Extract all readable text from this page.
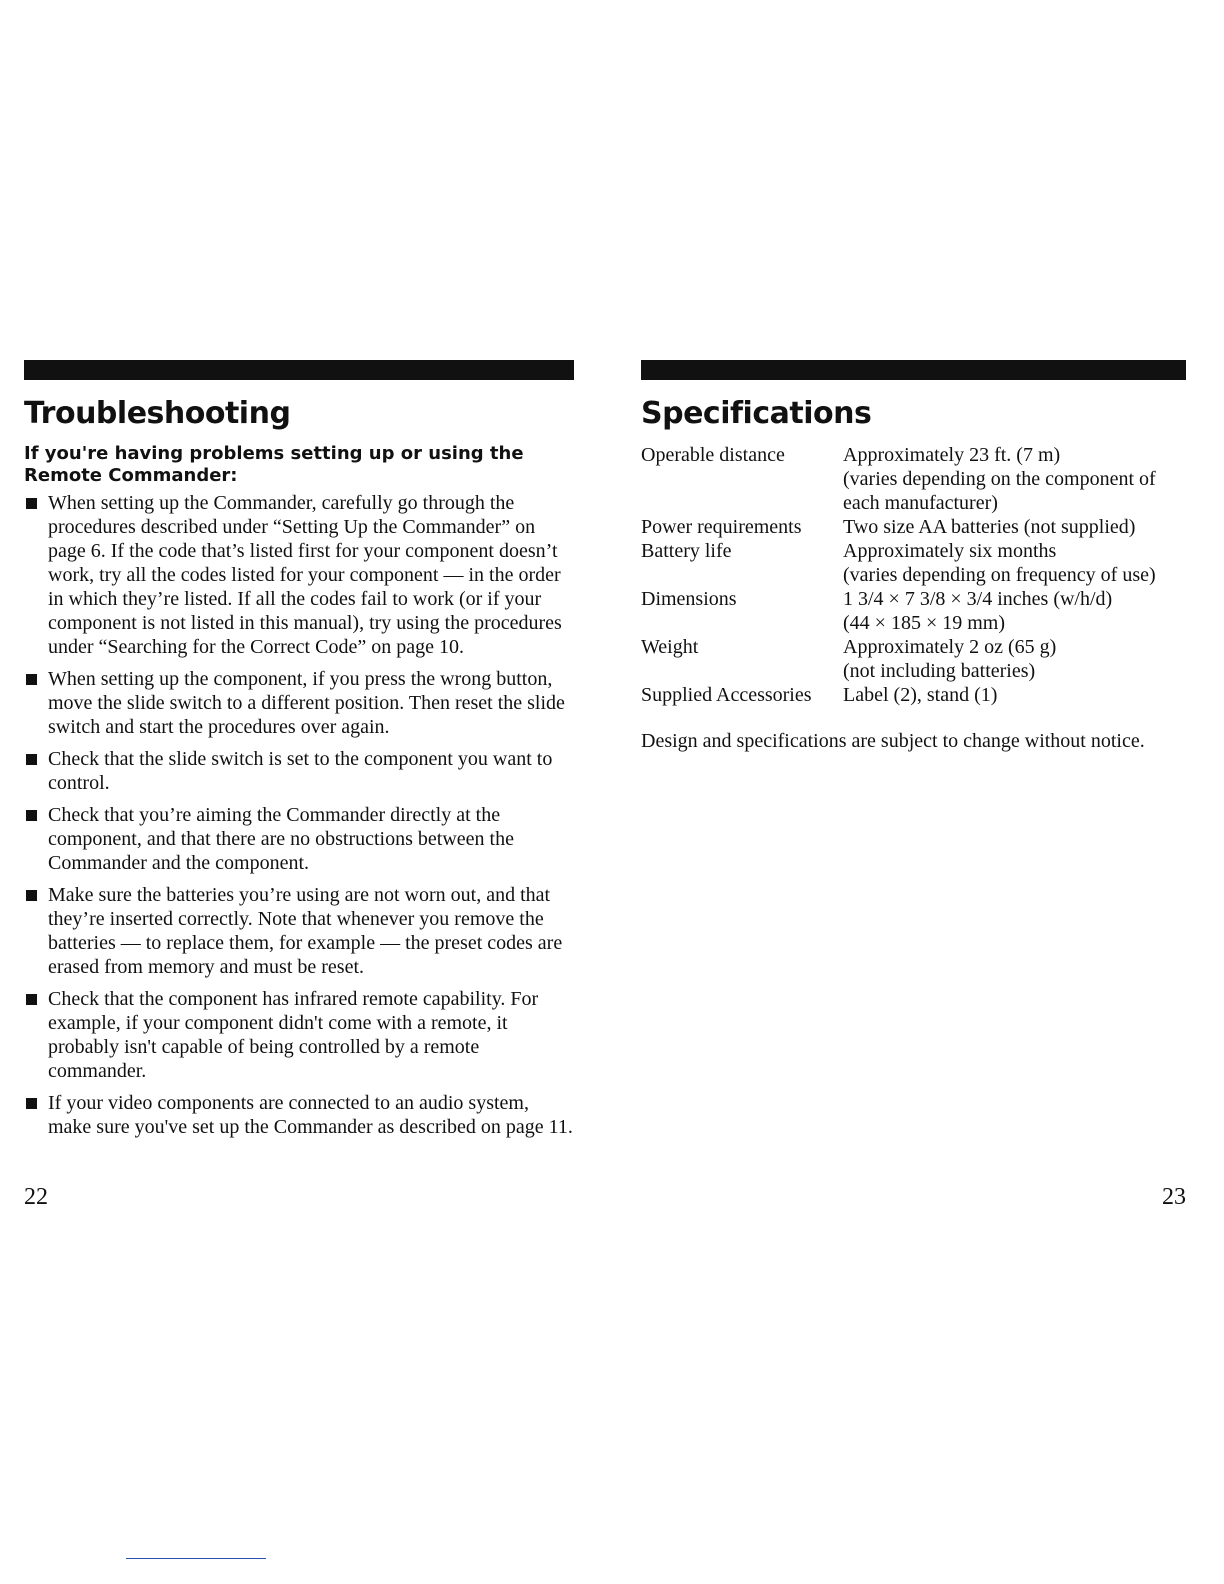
Troubleshooting
If you're having problems setting up or using the Remote Commander:
When setting up the Commander, carefully go through the procedures described under “Setting Up the Commander” on page 6. If the code that’s listed first for your component doesn’t work, try all the codes listed for your component — in the order in which they’re listed. If all the codes fail to work (or if your component is not listed in this manual), try using the procedures under “Searching for the Correct Code” on page 10.
When setting up the component, if you press the wrong button, move the slide switch to a different position. Then reset the slide switch and start the procedures over again.
Check that the slide switch is set to the component you want to control.
Check that you’re aiming the Commander directly at the component, and that there are no obstructions between the Commander and the component.
Make sure the batteries you’re using are not worn out, and that they’re inserted correctly. Note that whenever you remove the batteries — to replace them, for example — the preset codes are erased from memory and must be reset.
Check that the component has infrared remote capability. For example, if your component didn't come with a remote, it probably isn't capable of being controlled by a remote commander.
If your video components are connected to an audio system, make sure you've set up the Commander as described on page 11.
Specifications
Operable distance	Approximately 23 ft. (7 m)
(varies depending on the component of each manufacturer)
Power requirements	Two size AA batteries (not supplied)
Battery life	Approximately six months
(varies depending on frequency of use)
Dimensions	1 3/4 × 7 3/8 × 3/4 inches (w/h/d)
(44 × 185 × 19 mm)
Weight	Approximately 2 oz (65 g)
(not including batteries)
Supplied Accessories	Label (2), stand (1)
Design and specifications are subject to change without notice.
22	23
